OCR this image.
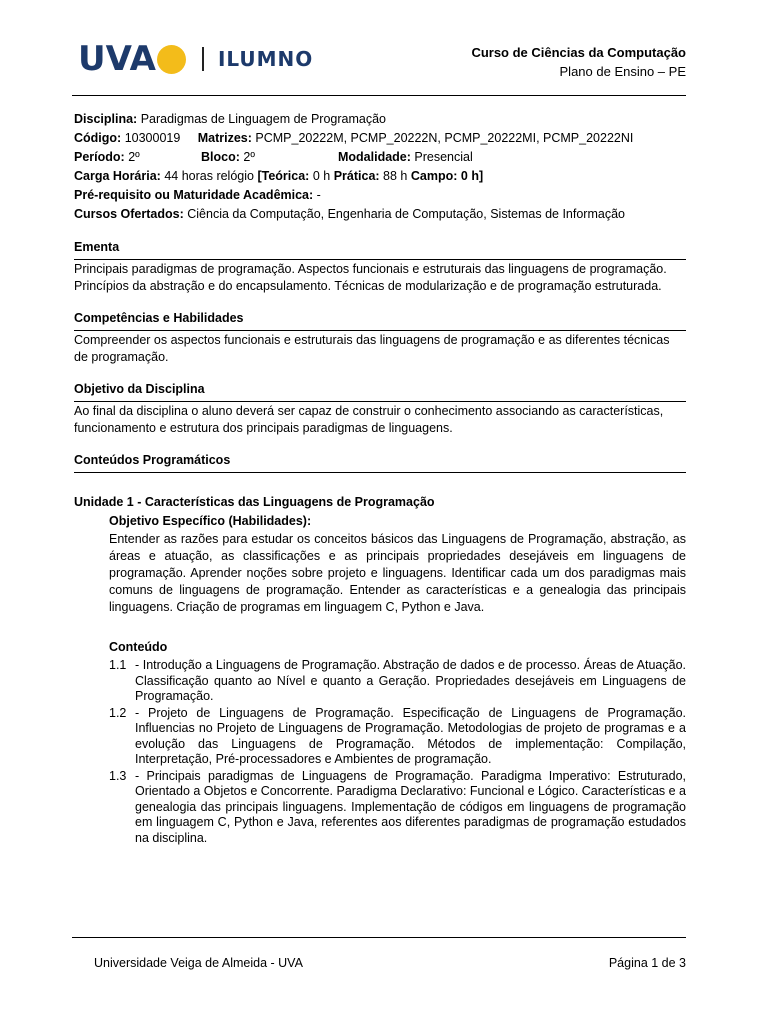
UVA	ILUMNO	Curso de Ciências da Computação
Plano de Ensino – PE
Disciplina: Paradigmas de Linguagem de Programação
Código: 10300019 Matrizes: PCMP_20222M, PCMP_20222N, PCMP_20222MI, PCMP_20222NI
Período: 2º	Bloco: 2º	Modalidade: Presencial
Carga Horária: 44 horas relógio [Teórica: 0 h Prática: 88 h Campo: 0 h]
Pré-requisito ou Maturidade Acadêmica: -
Cursos Ofertados: Ciência da Computação, Engenharia de Computação, Sistemas de Informação
Ementa
Principais paradigmas de programação. Aspectos funcionais e estruturais das linguagens de programação. Princípios da abstração e do encapsulamento. Técnicas de modularização e de programação estruturada.
Competências e Habilidades
Compreender os aspectos funcionais e estruturais das linguagens de programação e as diferentes técnicas de programação.
Objetivo da Disciplina
Ao final da disciplina o aluno deverá ser capaz de construir o conhecimento associando as características, funcionamento e estrutura dos principais paradigmas de linguagens.
Conteúdos Programáticos
Unidade 1 - Características das Linguagens de Programação
Objetivo Específico (Habilidades):
Entender as razões para estudar os conceitos básicos das Linguagens de Programação, abstração, as áreas e atuação, as classificações e as principais propriedades desejáveis em linguagens de programação. Aprender noções sobre projeto e linguagens. Identificar cada um dos paradigmas mais comuns de linguagens de programação. Entender as características e a genealogia das principais linguagens. Criação de programas em linguagem C, Python e Java.
Conteúdo
1.1 - Introdução a Linguagens de Programação. Abstração de dados e de processo. Áreas de Atuação. Classificação quanto ao Nível e quanto a Geração. Propriedades desejáveis em Linguagens de Programação.
1.2 - Projeto de Linguagens de Programação. Especificação de Linguagens de Programação. Influencias no Projeto de Linguagens de Programação. Metodologias de projeto de programas e a evolução das Linguagens de Programação. Métodos de implementação: Compilação, Interpretação, Pré-processadores e Ambientes de programação.
1.3 - Principais paradigmas de Linguagens de Programação. Paradigma Imperativo: Estruturado, Orientado a Objetos e Concorrente. Paradigma Declarativo: Funcional e Lógico. Características e a genealogia das principais linguagens. Implementação de códigos em linguagens de programação em linguagem C, Python e Java, referentes aos diferentes paradigmas de programação estudados na disciplina.
Universidade Veiga de Almeida - UVA	Página 1 de 3
